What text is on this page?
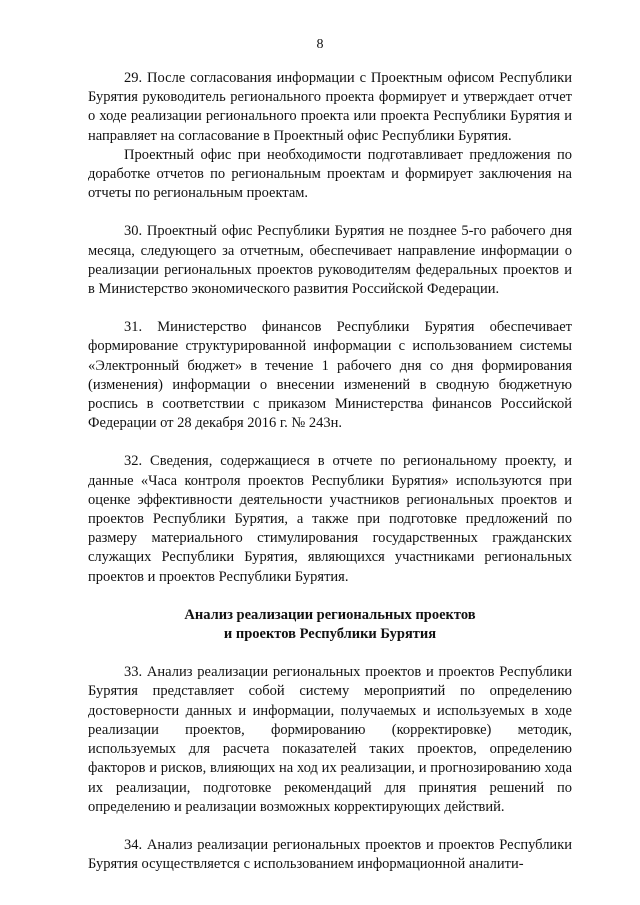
8

29. После согласования информации с Проектным офисом Республики Бурятия руководитель регионального проекта формирует и утверждает отчет о ходе реализации регионального проекта или проекта Республики Бурятия и направляет на согласование в Проектный офис Республики Бурятия.

Проектный офис при необходимости подготавливает предложения по доработке отчетов по региональным проектам и формирует заключения на отчеты по региональным проектам.

30. Проектный офис Республики Бурятия не позднее 5-го рабочего дня месяца, следующего за отчетным, обеспечивает направление информации о реализации региональных проектов руководителям федеральных проектов и в Министерство экономического развития Российской Федерации.

31. Министерство финансов Республики Бурятия обеспечивает формирование структурированной информации с использованием системы «Электронный бюджет» в течение 1 рабочего дня со дня формирования (изменения) информации о внесении изменений в сводную бюджетную роспись в соответствии с приказом Министерства финансов Российской Федерации от 28 декабря 2016 г. № 243н.

32. Сведения, содержащиеся в отчете по региональному проекту, и данные «Часа контроля проектов Республики Бурятия» используются при оценке эффективности деятельности участников региональных проектов и проектов Республики Бурятия, а также при подготовке предложений по размеру материального стимулирования государственных гражданских служащих Республики Бурятия, являющихся участниками региональных проектов и проектов Республики Бурятия.

Анализ реализации региональных проектов
и проектов Республики Бурятия

33. Анализ реализации региональных проектов и проектов Республики Бурятия представляет собой систему мероприятий по определению достоверности данных и информации, получаемых и используемых в ходе реализации проектов, формированию (корректировке) методик, используемых для расчета показателей таких проектов, определению факторов и рисков, влияющих на ход их реализации, и прогнозированию хода их реализации, подготовке рекомендаций для принятия решений по определению и реализации возможных корректирующих действий.

34. Анализ реализации региональных проектов и проектов Республики Бурятия осуществляется с использованием информационной аналити-
